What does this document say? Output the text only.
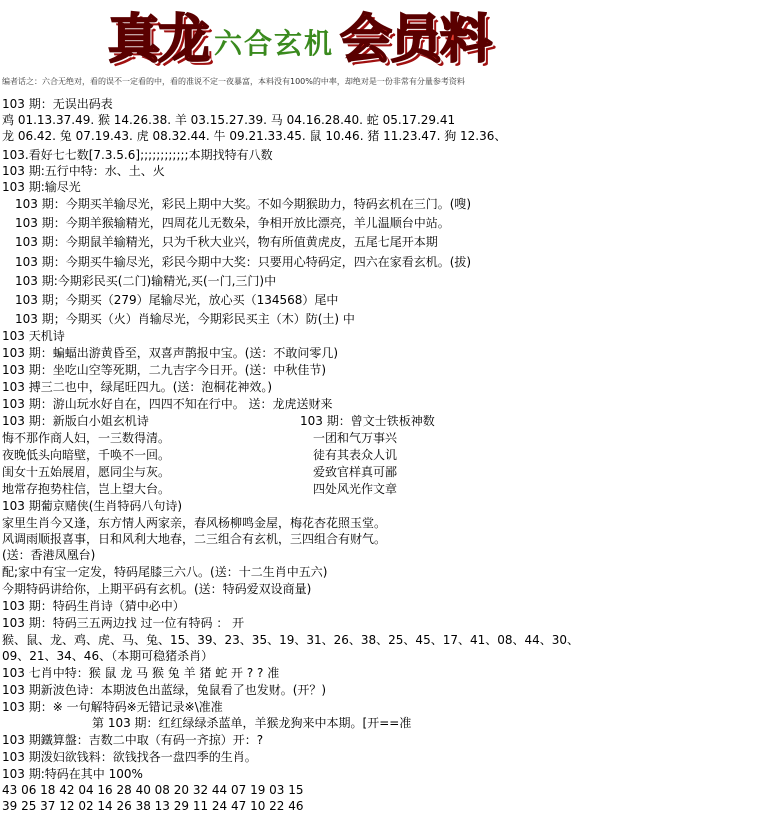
真龙 六合玄机 会员料
编者话之：六合无绝对，看的误不一定看的中，看的准说不定一夜暴富，本料没有100%的中率，却绝对是一份非常有分量参考资料
103 期：无误出码表
鸡 01.13.37.49. 猴 14.26.38. 羊 03.15.27.39. 马 04.16.28.40. 蛇 05.17.29.41
龙 06.42. 兔 07.19.43. 虎 08.32.44. 牛 09.21.33.45. 鼠 10.46. 猪 11.23.47. 狗 12.36、
103.看好七七数[7.3.5.6];;;;;;;;;;;;本期找特有八数
103 期:五行中特：水、土、火
103 期:输尽光
103 期：今期买羊输尽光，彩民上期中大奖。不如今期猴助力，特码玄机在三门。(嗖)
103 期：今期羊猴输精光，四周花儿无数朵，争相开放比漂亮，羊儿温顺台中站。
103 期：今期鼠羊输精光，只为千秋大业兴，物有所值黄虎皮，五尾七尾开本期
103 期：今期买牛输尽光，彩民今期中大奖：只要用心特码定，四六在家看玄机。(拔)
103 期:今期彩民买(二门)输精光,买(一门,三门)中
103 期；今期买（279）尾输尽光，放心买（134568）尾中
103 期；今期买（火）肖输尽光，今期彩民买主（木）防(土) 中
103 天机诗
103 期：蝙蝠出游黄昏至，双喜声鹊报中宝。(送：不敢问零几)
103 期：坐吃山空等死期，二九吉字今日开。(送：中秋佳节)
103 搏三二也中，绿尾旺四九。(送：泡桐花神效。)
103 期：游山玩水好自在，四四不知在行中。 送：龙虎送财来
103 期：新版白小姐玄机诗
悔不那作商人妇，一三数得清。
夜晚低头向暗壁，千唤不一回。
闺女十五始展眉，愿同尘与灰。
地常存抱势柱信，岂上望大台。
103 期葡京赌侠(生肖特码八句诗)
家里生肖今又逢，东方情人两家亲，春风杨柳鸣金屋，梅花杏花照玉堂。
风调雨顺报喜事，日和风利大地春，二三组合有玄机，三四组合有财气。
(送：香港凤凰台)
配;家中有宝一定发，特码尾膝三六八。(送：十二生肖中五六)
今期特码讲给你，上期平码有玄机。(送：特码爱双设商量)
103 期：特码生肖诗（猜中必中）
103 期：特码三五两边找 过一位有特码 ： 开
猴、鼠、龙、鸡、虎、马、兔、15、39、23、35、19、31、26、38、25、45、17、41、08、44、30、
09、21、34、46、（本期可稳猪杀肖）
103 七肖中特：猴 鼠 龙 马 猴 兔 羊 猪 蛇 开 ? ? 准
103 期新波色诗：本期波色出蓝绿，兔鼠看了也发财。(开？)
103 期：※ 一句解特码※无错记录※\准准
第 103 期：红红绿绿杀蓝单，羊猴龙狗来中本期。[开==准
103 期鐵算盤：吉数二中取（有码一齐掠）开：?
103 期泼妇欲钱料：欲钱找各一盘四季的生肖。
103 期:特码在其中 100%
43 06 18 42 04 16 28 40 08 20 32 44 07 19 03 15
39 25 37 12 02 14 26 38 13 29 11 24 47 10 22 46
103 期：曾文士铁板神数
一团和气万事兴
徒有其表众人讥
爱致官样真可鄙
四处风光作文章
